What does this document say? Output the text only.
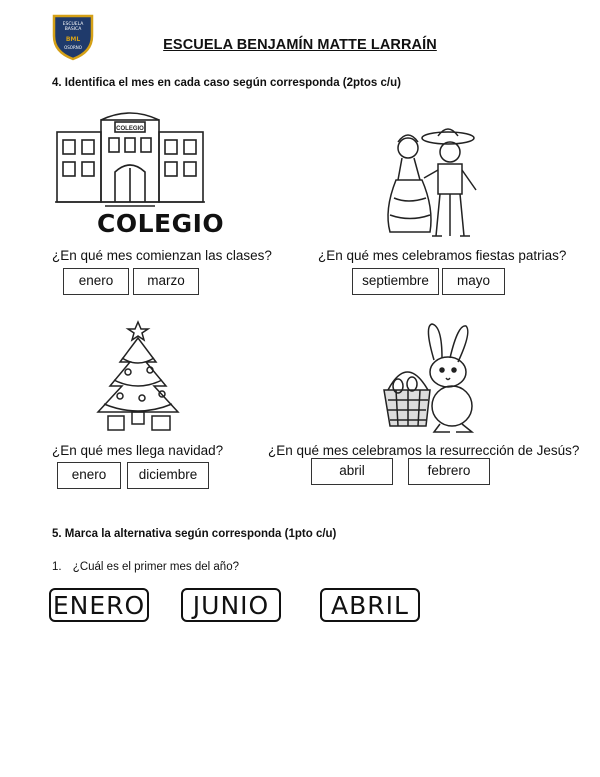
ESCUELA
BASICA
BML
OSORNO	ESCUELA BENJAMÍN MATTE LARRAÍN
4. Identifica el mes en cada caso según corresponda (2ptos c/u)
COLEGIO
COLEGIO
¿En qué mes comienzan las clases?	¿En qué mes celebramos fiestas patrias?
enero	marzo	septiembre	mayo
¿En qué mes llega navidad?	¿En qué mes celebramos la resurrección de Jesús?
enero	diciembre	abril	febrero
5. Marca la alternativa según corresponda (1pto c/u)
1. ¿Cuál es el primer mes del año?
ENERO	JUNIO	ABRIL
